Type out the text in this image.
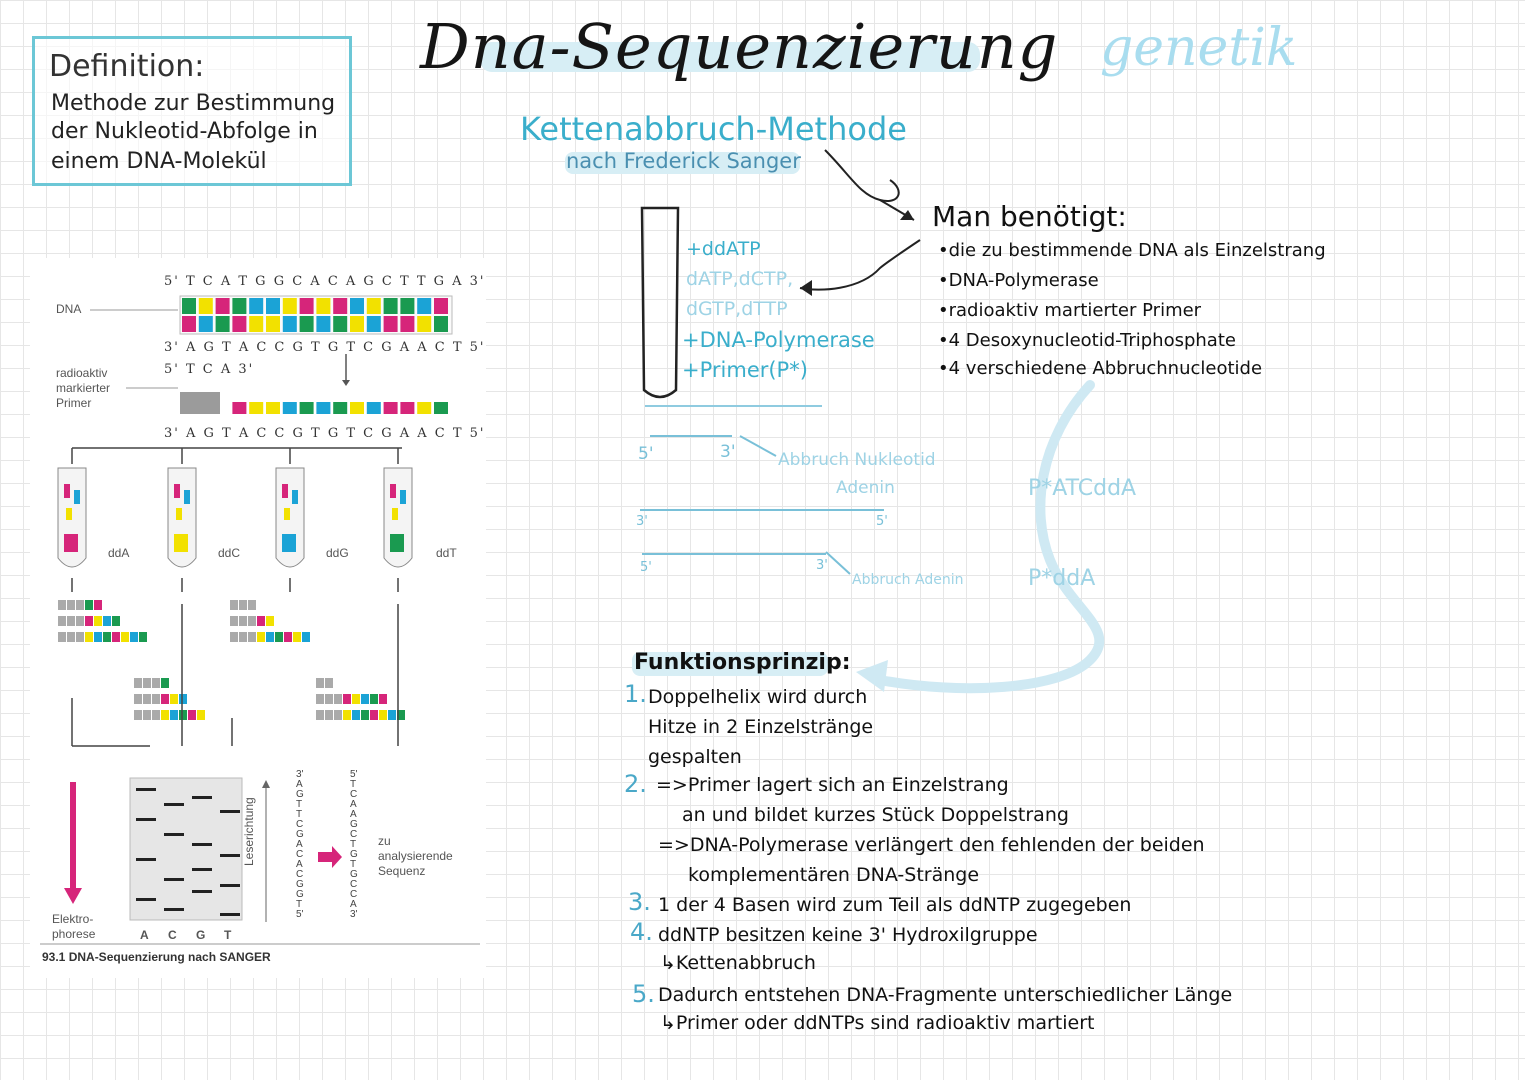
Definition:
Methode zur Bestimmung
der Nukleotid-Abfolge in
einem DNA-Molekül
Dna-Sequenzierung genetik
Kettenabbruch-Methode
nach Frederick Sanger
DNA
5' T C A T G G C A C A G C T T G A 3'
3' A G T A C C G T G T C G A A C T 5'
5' T C A 3'
radioaktiv
markierter
Primer
3' A G T A C C G T G T C G A A C T 5'
ddA	ddC	ddG	ddT
Elektro-
phorese	A C G T
Leserichtung
3'
A
G
T
T
C
G
A
C
A
C
G
G
T
5'
5'
T
C
A
A
G
C
T
G
T
G
C
C
A
3'
zu
analysierende
Sequenz
93.1 DNA-Sequenzierung nach SANGER
Man benötigt:
•die zu bestimmende DNA als Einzelstrang
•DNA-Polymerase
•radioaktiv martierter Primer
•4 Desoxynucleotid-Triphosphate
•4 verschiedene Abbruchnucleotide
+ddATP
dATP,dCTP,
dGTP,dTTP
+DNA-Polymerase
+Primer(P*)
5'	3'	Abbruch Nukleotid
Adenin
3'	5'
5'	3'
Abbruch Adenin
P*ATCddA
P*ddA
Funktionsprinzip:
1. Doppelhelix wird durch
Hitze in 2 Einzelstränge
gespalten
2. =>Primer lagert sich an Einzelstrang
an und bildet kurzes Stück Doppelstrang
=>DNA-Polymerase verlängert den fehlenden der beiden
komplementären DNA-Stränge
3. 1 der 4 Basen wird zum Teil als ddNTP zugegeben
4. ddNTP besitzen keine 3' Hydroxilgruppe
↳Kettenabbruch
5. Dadurch entstehen DNA-Fragmente unterschiedlicher Länge
↳Primer oder ddNTPs sind radioaktiv martiert
